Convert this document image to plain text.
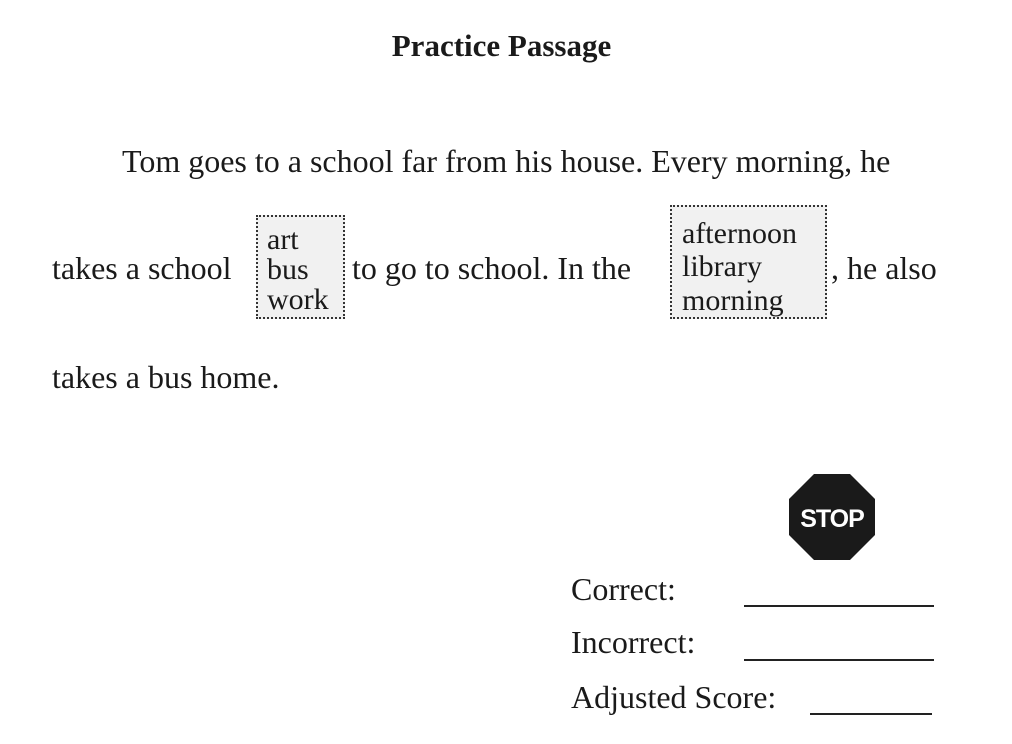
Practice Passage
Tom goes to a school far from his house. Every morning, he
takes a school	to go to school. In the	, he also
art
bus
work
afternoon
library
morning
takes a bus home.
STOP
Correct:
Incorrect:
Adjusted Score:
